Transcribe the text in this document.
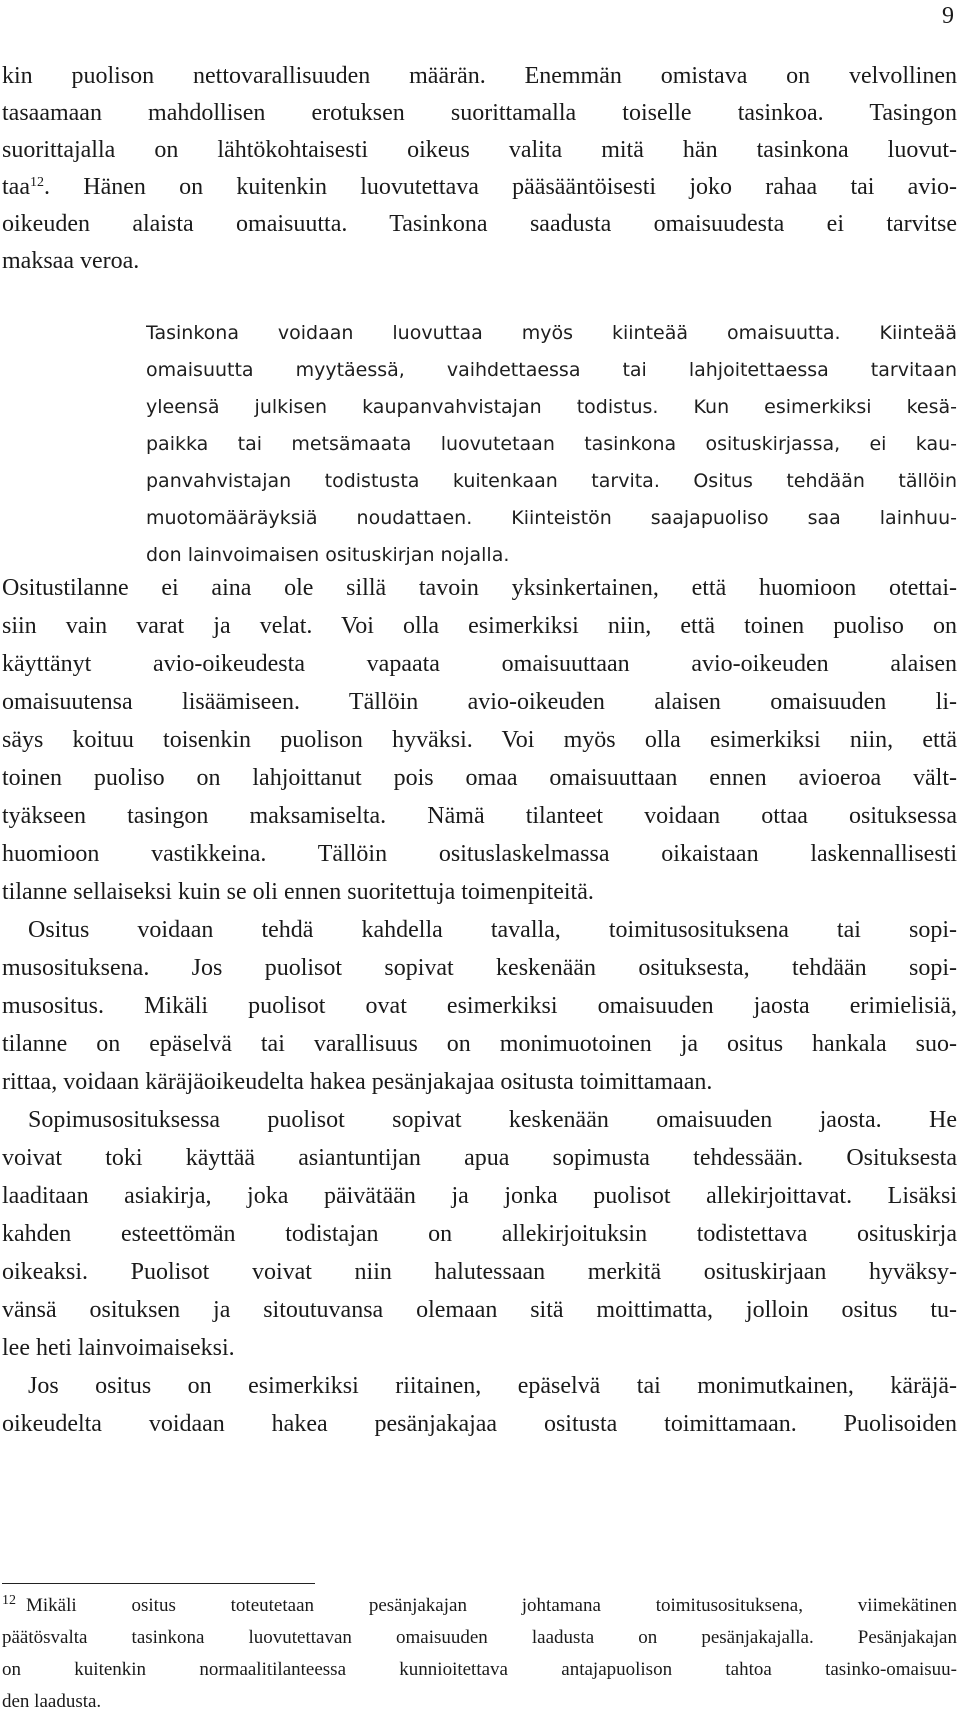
9
kin puolison nettovarallisuuden määrän. Enemmän omistava on velvollinen
tasaamaan mahdollisen erotuksen suorittamalla toiselle tasinkoa. Tasingon
suorittajalla on lähtökohtaisesti oikeus valita mitä hän tasinkona luovut-
taa$^{12}$. Hänen on kuitenkin luovutettava pääsääntöisesti joko rahaa tai avio-
oikeuden alaista omaisuutta. Tasinkona saadusta omaisuudesta ei tarvitse
maksaa veroa.
Tasinkona voidaan luovuttaa myös kiinteää omaisuutta. Kiinteää
omaisuutta myytäessä, vaihdettaessa tai lahjoitettaessa tarvitaan
yleensä julkisen kaupanvahvistajan todistus. Kun esimerkiksi kesä-
paikka tai metsämaata luovutetaan tasinkona osituskirjassa, ei kau-
panvahvistajan todistusta kuitenkaan tarvita. Ositus tehdään tällöin
muotomääräyksiä noudattaen. Kiinteistön saajapuoliso saa lainhuu-
don lainvoimaisen osituskirjan nojalla.
Ositustilanne ei aina ole sillä tavoin yksinkertainen, että huomioon otettai-
siin vain varat ja velat. Voi olla esimerkiksi niin, että toinen puoliso on
käyttänyt avio-oikeudesta vapaata omaisuuttaan avio-oikeuden alaisen
omaisuutensa lisäämiseen. Tällöin avio-oikeuden alaisen omaisuuden li-
säys koituu toisenkin puolison hyväksi. Voi myös olla esimerkiksi niin, että
toinen puoliso on lahjoittanut pois omaa omaisuuttaan ennen avioeroa vält-
tyäkseen tasingon maksamiselta. Nämä tilanteet voidaan ottaa osituksessa
huomioon vastikkeina. Tällöin osituslaskelmassa oikaistaan laskennallisesti
tilanne sellaiseksi kuin se oli ennen suoritettuja toimenpiteitä.
Ositus voidaan tehdä kahdella tavalla, toimitusosituksena tai sopi-
musosituksena. Jos puolisot sopivat keskenään osituksesta, tehdään sopi-
musositus. Mikäli puolisot ovat esimerkiksi omaisuuden jaosta erimielisiä,
tilanne on epäselvä tai varallisuus on monimuotoinen ja ositus hankala suo-
rittaa, voidaan käräjäoikeudelta hakea pesänjakajaa ositusta toimittamaan.
Sopimusosituksessa puolisot sopivat keskenään omaisuuden jaosta. He
voivat toki käyttää asiantuntijan apua sopimusta tehdessään. Osituksesta
laaditaan asiakirja, joka päivätään ja jonka puolisot allekirjoittavat. Lisäksi
kahden esteettömän todistajan on allekirjoituksin todistettava osituskirja
oikeaksi. Puolisot voivat niin halutessaan merkitä osituskirjaan hyväksy-
vänsä osituksen ja sitoutuvansa olemaan sitä moittimatta, jolloin ositus tu-
lee heti lainvoimaiseksi.
Jos ositus on esimerkiksi riitainen, epäselvä tai monimutkainen, käräjä-
oikeudelta voidaan hakea pesänjakajaa ositusta toimittamaan. Puolisoiden
$^{12}$ Mikäli ositus toteutetaan pesänjakajan johtamana toimitusosituksena, viimekätinen
päätösvalta tasinkona luovutettavan omaisuuden laadusta on pesänjakajalla. Pesänjakajan
on kuitenkin normaalitilanteessa kunnioitettava antajapuolison tahtoa tasinko-omaisuu-
den laadusta.
